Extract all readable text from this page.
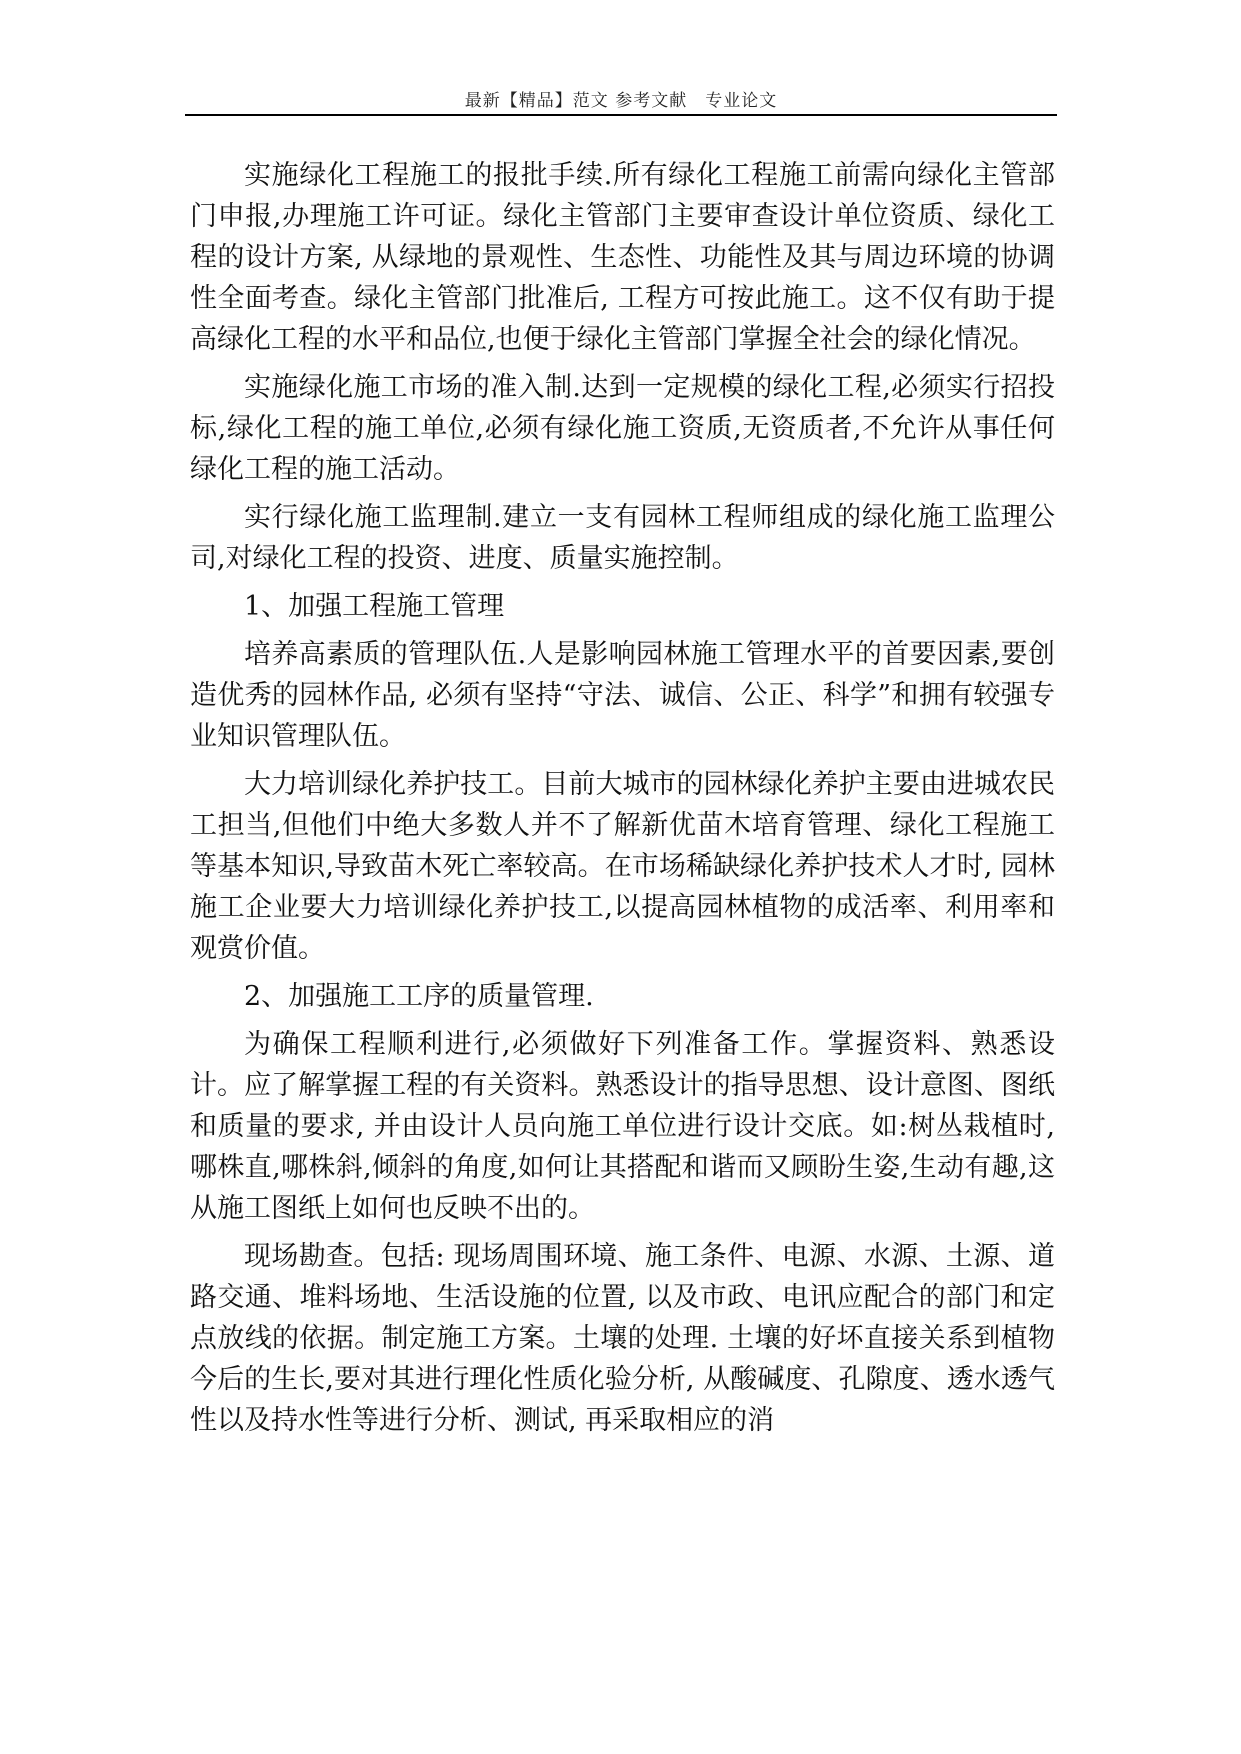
最新【精品】范文 参考文献　专业论文

实施绿化工程施工的报批手续.所有绿化工程施工前需向绿化主管部门申报,办理施工许可证。绿化主管部门主要审查设计单位资质、绿化工程的设计方案, 从绿地的景观性、生态性、功能性及其与周边环境的协调性全面考查。绿化主管部门批准后, 工程方可按此施工。这不仅有助于提高绿化工程的水平和品位,也便于绿化主管部门掌握全社会的绿化情况。

实施绿化施工市场的准入制.达到一定规模的绿化工程,必须实行招投标,绿化工程的施工单位,必须有绿化施工资质,无资质者,不允许从事任何绿化工程的施工活动。

实行绿化施工监理制.建立一支有园林工程师组成的绿化施工监理公司,对绿化工程的投资、进度、质量实施控制。

1、加强工程施工管理

培养高素质的管理队伍.人是影响园林施工管理水平的首要因素,要创造优秀的园林作品, 必须有坚持“守法、诚信、公正、科学”和拥有较强专业知识管理队伍。

大力培训绿化养护技工。目前大城市的园林绿化养护主要由进城农民工担当,但他们中绝大多数人并不了解新优苗木培育管理、绿化工程施工等基本知识,导致苗木死亡率较高。在市场稀缺绿化养护技术人才时, 园林施工企业要大力培训绿化养护技工,以提高园林植物的成活率、利用率和观赏价值。

2、加强施工工序的质量管理.

为确保工程顺利进行,必须做好下列准备工作。掌握资料、熟悉设计。应了解掌握工程的有关资料。熟悉设计的指导思想、设计意图、图纸和质量的要求, 并由设计人员向施工单位进行设计交底。如:树丛栽植时,哪株直,哪株斜,倾斜的角度,如何让其搭配和谐而又顾盼生姿,生动有趣,这从施工图纸上如何也反映不出的。

现场勘查。包括: 现场周围环境、施工条件、电源、水源、土源、道路交通、堆料场地、生活设施的位置, 以及市政、电讯应配合的部门和定点放线的依据。制定施工方案。土壤的处理. 土壤的好坏直接关系到植物今后的生长,要对其进行理化性质化验分析, 从酸碱度、孔隙度、透水透气性以及持水性等进行分析、测试, 再采取相应的消
